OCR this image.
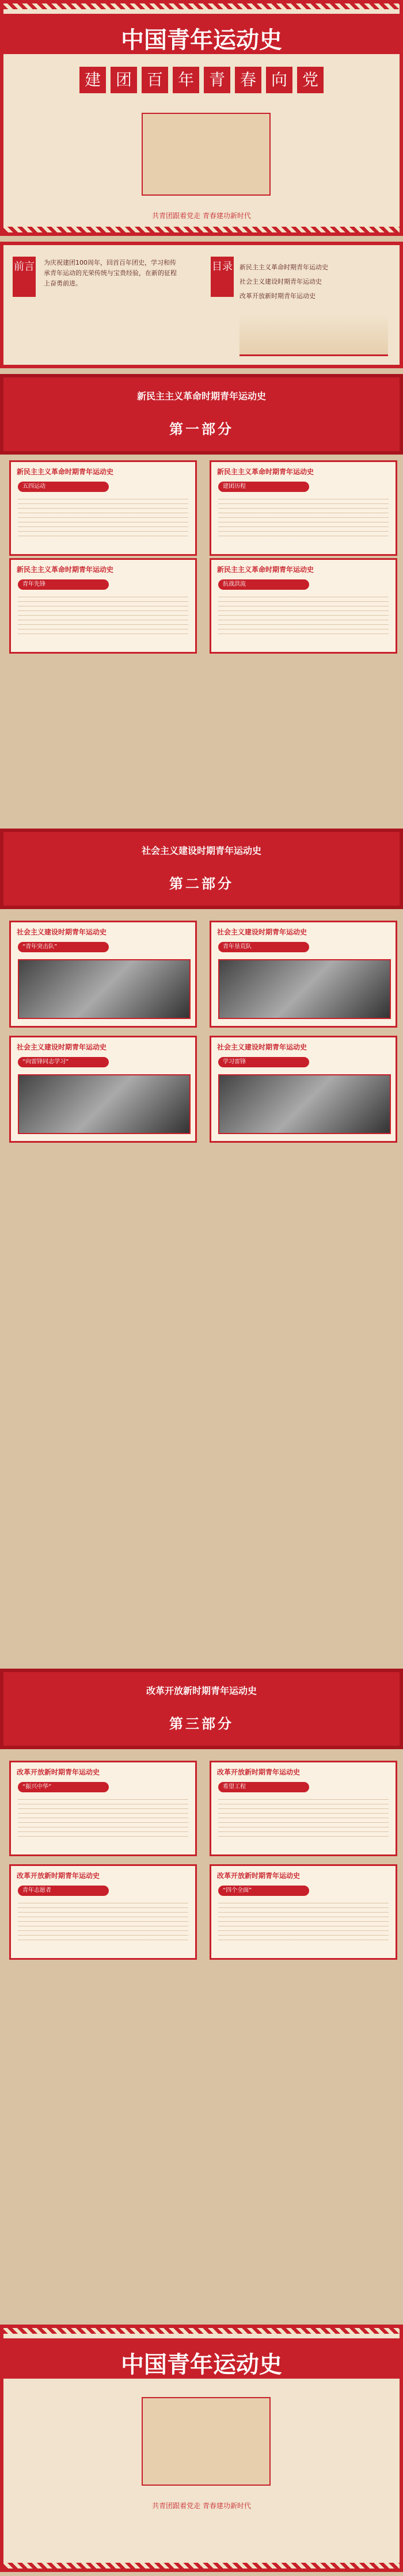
中国青年运动史
建 团 百 年 青 春 向 党
共青团跟着党走 青春建功新时代
前言 为庆祝建团100周年，回首百年团史，学习和传承青年运动的光荣传统与宝贵经验，在新的征程上奋勇前进。
目录 新民主主义革命时期青年运动史
社会主义建设时期青年运动史
改革开放新时期青年运动史
新民主主义革命时期青年运动史
第一部分
新民主主义革命时期青年运动史
五四运动
新民主主义革命时期青年运动史
建团历程
新民主主义革命时期青年运动史
青年先锋
新民主主义革命时期青年运动史
抗战洪流
社会主义建设时期青年运动史
第二部分
社会主义建设时期青年运动史
“青年突击队”
社会主义建设时期青年运动史
青年垦荒队
社会主义建设时期青年运动史
“向雷锋同志学习”
社会主义建设时期青年运动史
学习雷锋
改革开放新时期青年运动史
第三部分
改革开放新时期青年运动史
“振兴中华”
改革开放新时期青年运动史
希望工程
改革开放新时期青年运动史
青年志愿者
改革开放新时期青年运动史
“四个全面”
中国青年运动史
共青团跟着党走 青春建功新时代
